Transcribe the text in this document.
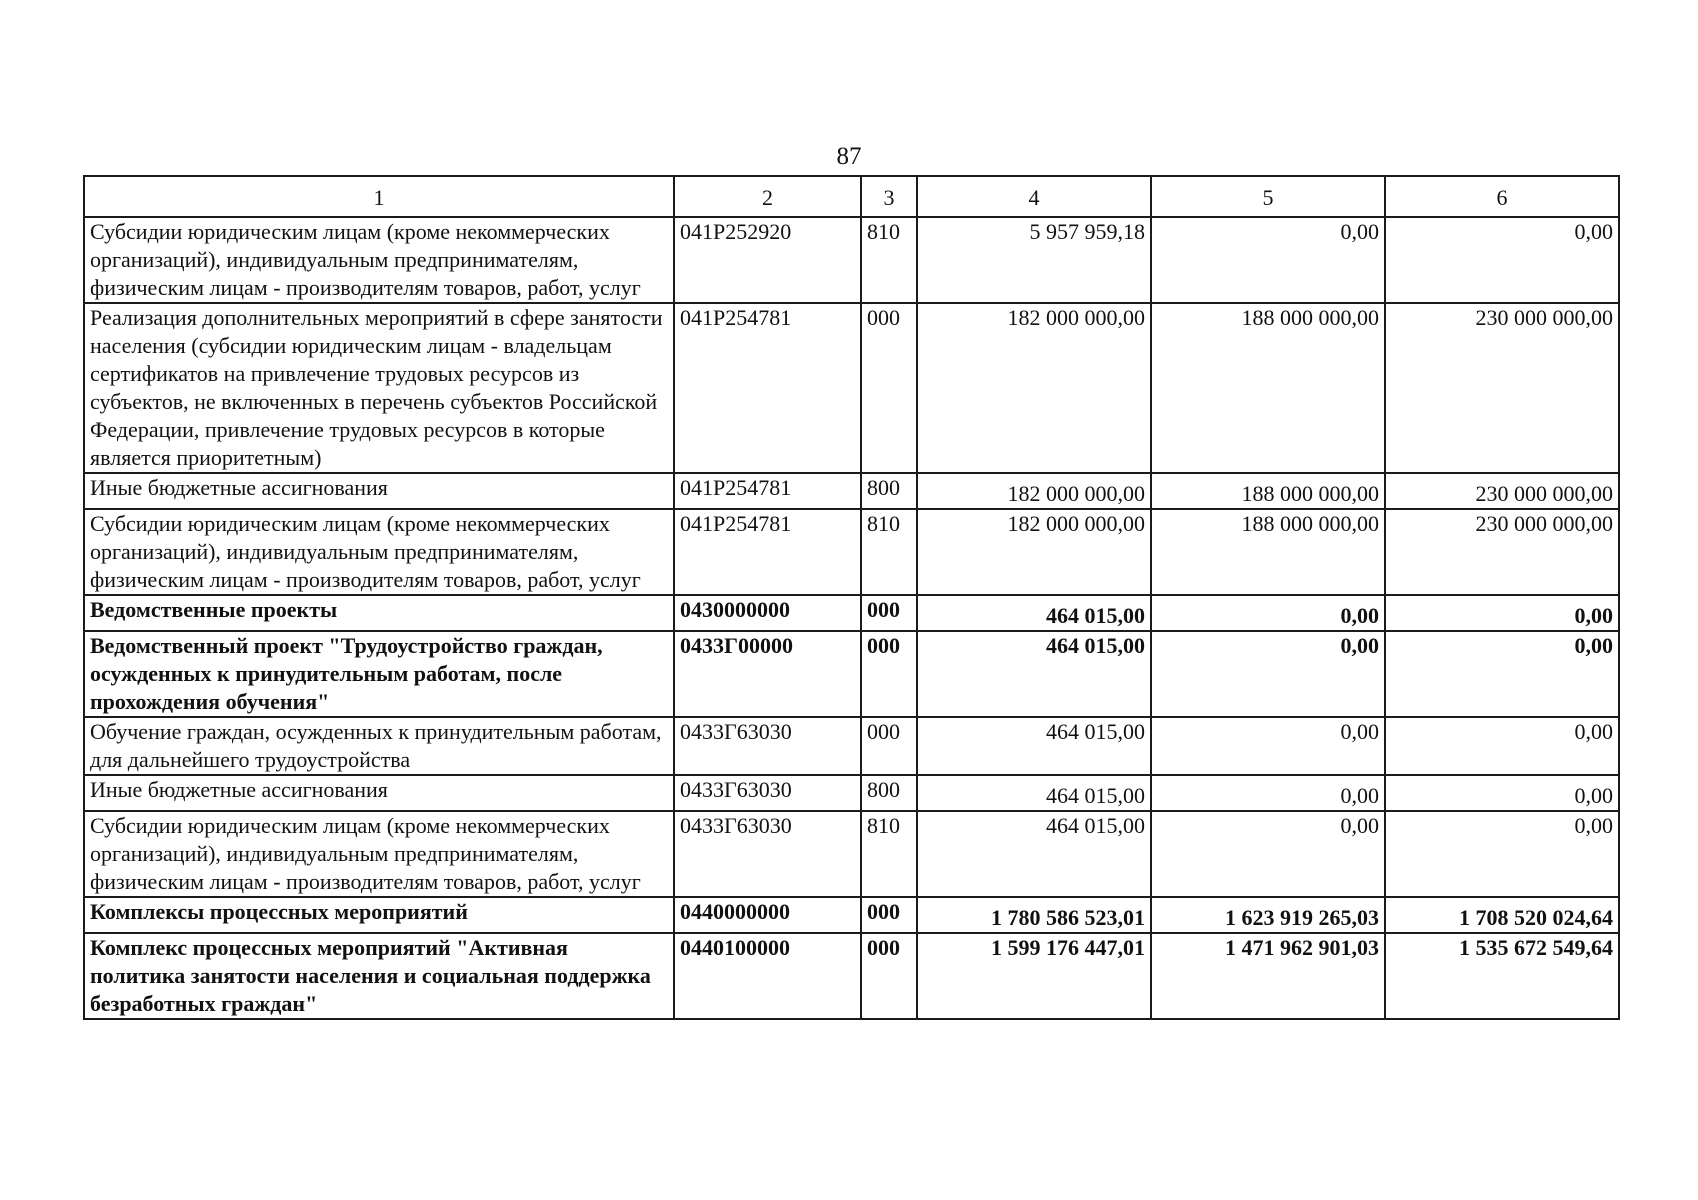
87
1	2	3	4	5	6
Субсидии юридическим лицам (кроме некоммерческих организаций), индивидуальным предпринимателям, физическим лицам - производителям товаров, работ, услуг	041Р252920	810	5 957 959,18	0,00	0,00
Реализация дополнительных мероприятий в сфере занятости населения (субсидии юридическим лицам - владельцам сертификатов на привлечение трудовых ресурсов из субъектов, не включенных в перечень субъектов Российской Федерации, привлечение трудовых ресурсов в которые является приоритетным)	041Р254781	000	182 000 000,00	188 000 000,00	230 000 000,00
Иные бюджетные ассигнования	041Р254781	800	182 000 000,00	188 000 000,00	230 000 000,00
Субсидии юридическим лицам (кроме некоммерческих организаций), индивидуальным предпринимателям, физическим лицам - производителям товаров, работ, услуг	041Р254781	810	182 000 000,00	188 000 000,00	230 000 000,00
Ведомственные проекты	0430000000	000	464 015,00	0,00	0,00
Ведомственный проект "Трудоустройство граждан, осужденных к принудительным работам, после прохождения обучения"	0433Г00000	000	464 015,00	0,00	0,00
Обучение граждан, осужденных к принудительным работам, для дальнейшего трудоустройства	0433Г63030	000	464 015,00	0,00	0,00
Иные бюджетные ассигнования	0433Г63030	800	464 015,00	0,00	0,00
Субсидии юридическим лицам (кроме некоммерческих организаций), индивидуальным предпринимателям, физическим лицам - производителям товаров, работ, услуг	0433Г63030	810	464 015,00	0,00	0,00
Комплексы процессных мероприятий	0440000000	000	1 780 586 523,01	1 623 919 265,03	1 708 520 024,64
Комплекс процессных мероприятий "Активная политика занятости населения и социальная поддержка безработных граждан"	0440100000	000	1 599 176 447,01	1 471 962 901,03	1 535 672 549,64
